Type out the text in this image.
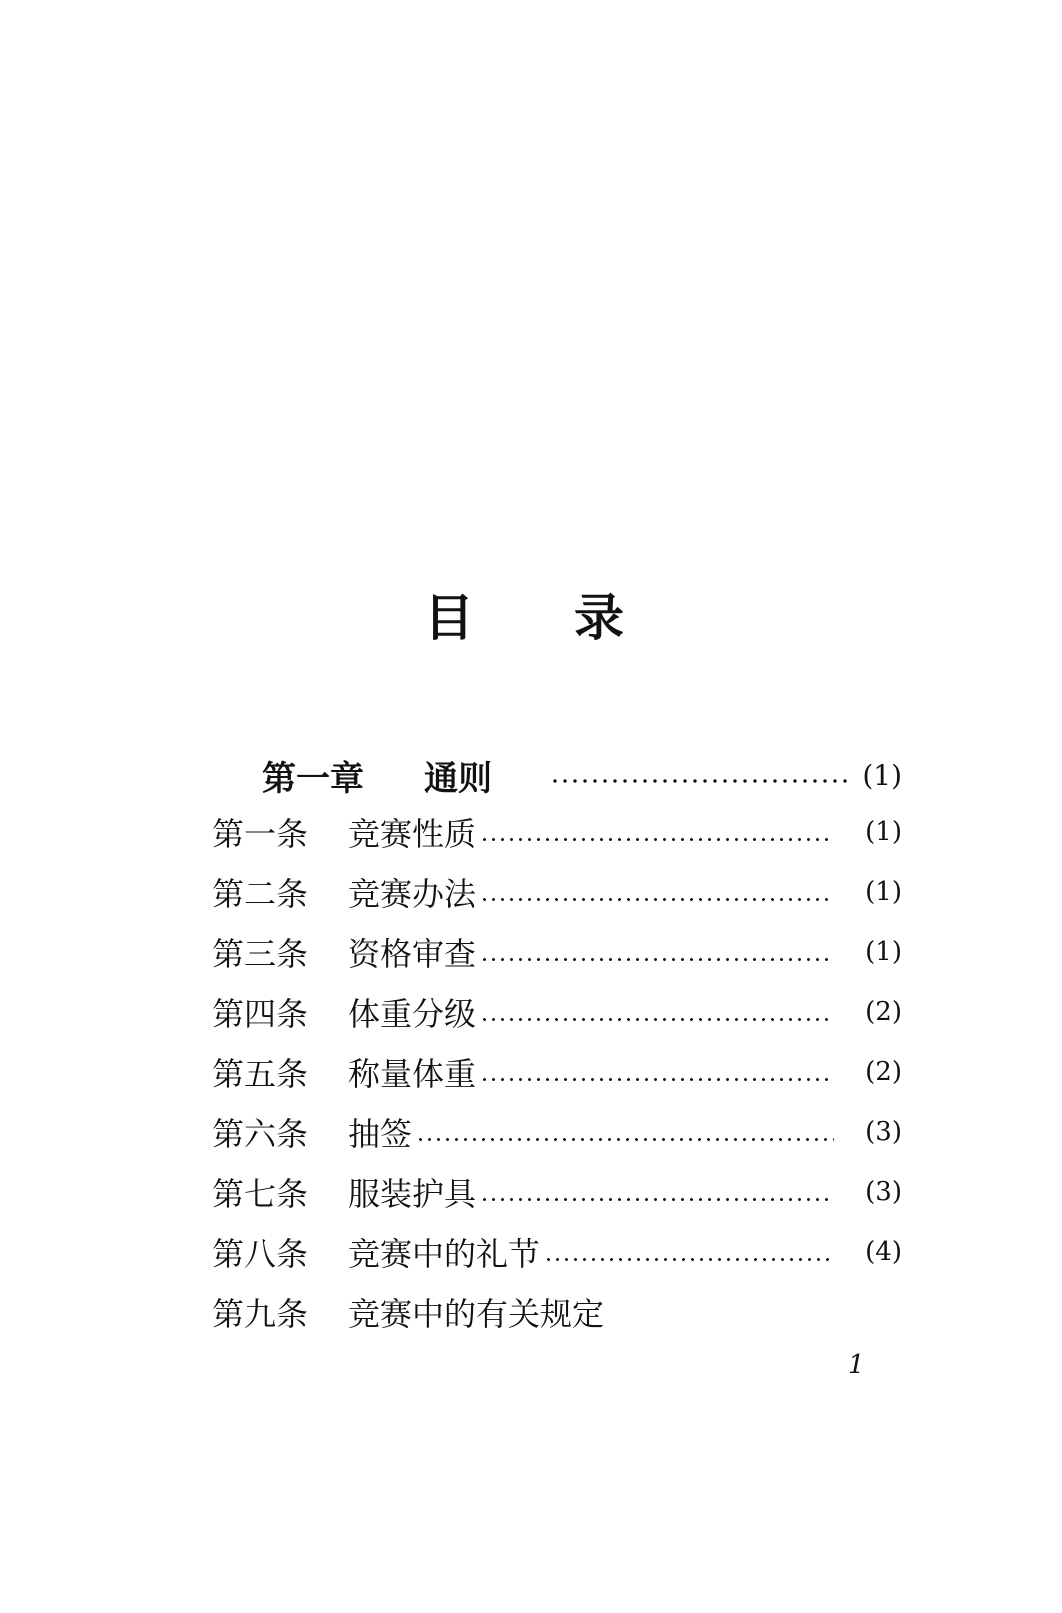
目 录
第一章	通则	(1)
第一条	竞赛性质	(1)
第二条	竞赛办法	(1)
第三条	资格审查	(1)
第四条	体重分级	(2)
第五条	称量体重	(2)
第六条	抽签	(3)
第七条	服装护具	(3)
第八条	竞赛中的礼节	(4)
第九条	竞赛中的有关规定
1
